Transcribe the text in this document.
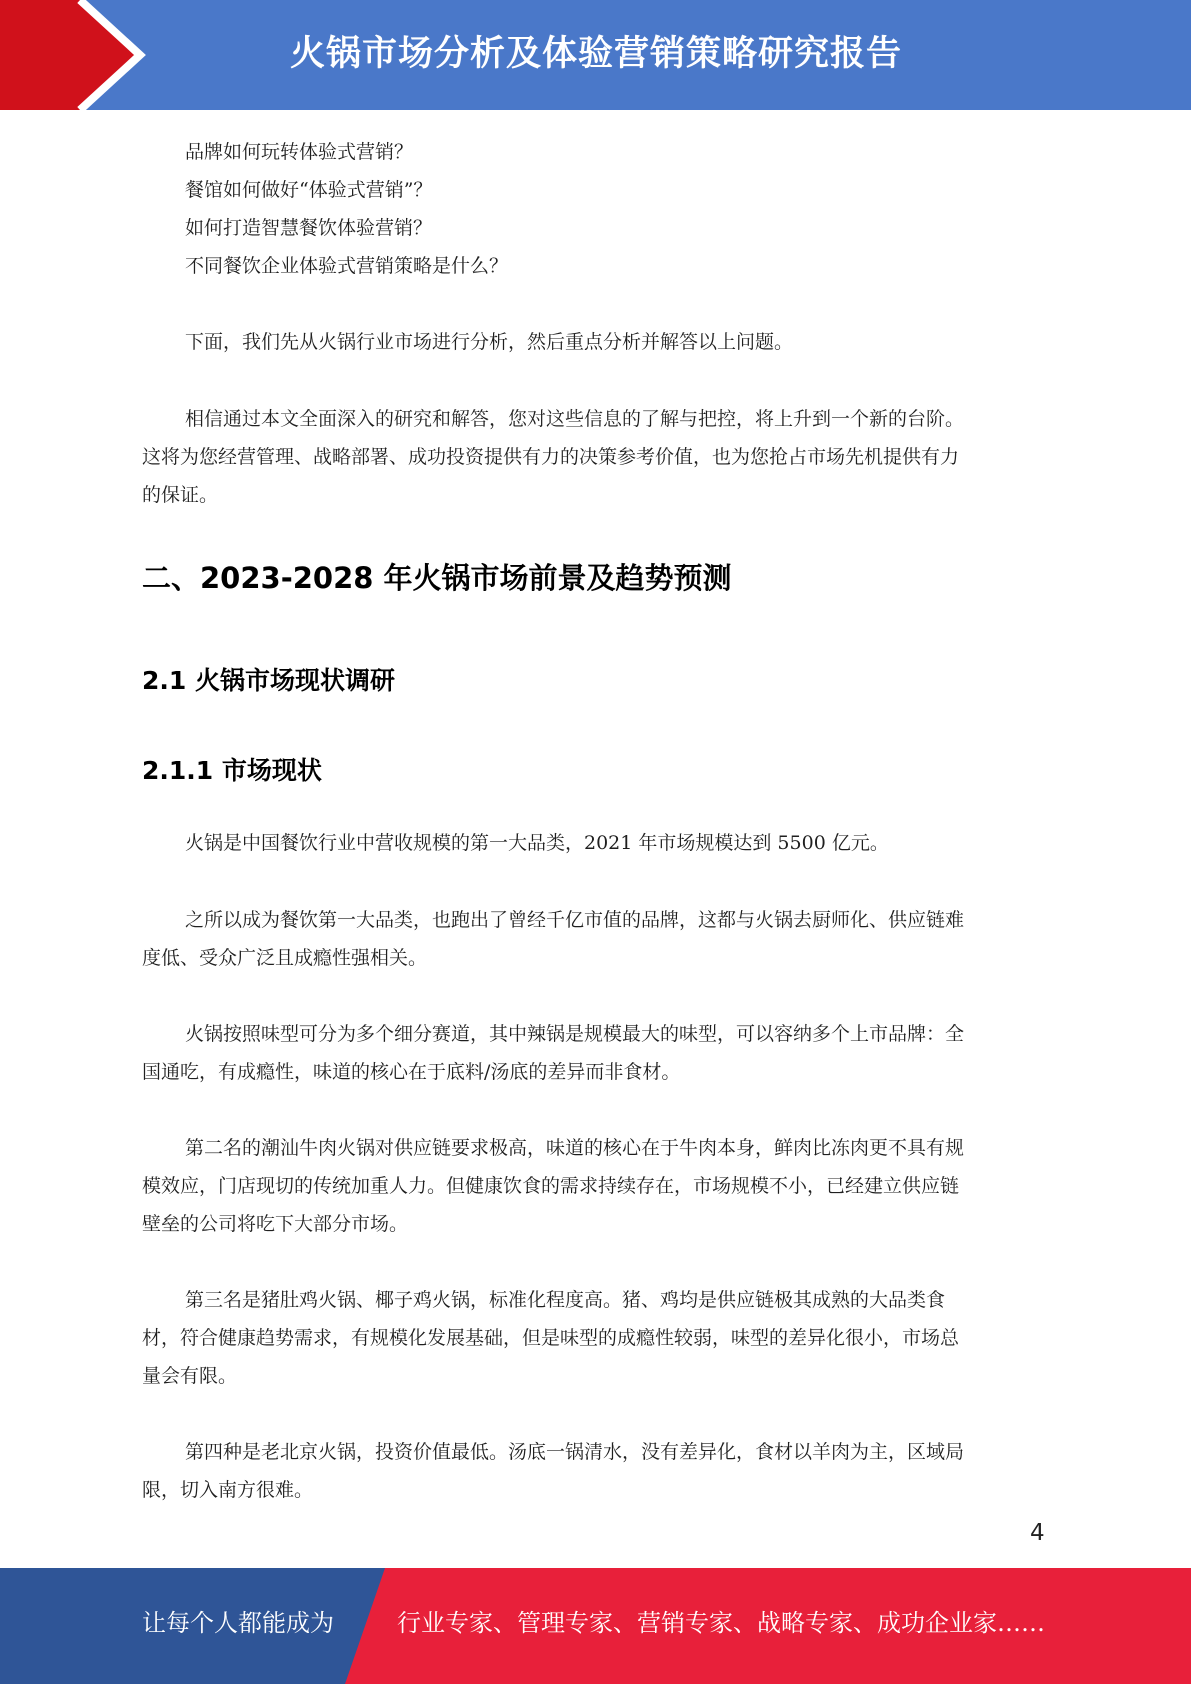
火锅市场分析及体验营销策略研究报告
品牌如何玩转体验式营销？
餐馆如何做好“体验式营销”？
如何打造智慧餐饮体验营销？
不同餐饮企业体验式营销策略是什么？
下面，我们先从火锅行业市场进行分析，然后重点分析并解答以上问题。
相信通过本文全面深入的研究和解答，您对这些信息的了解与把控，将上升到一个新的台阶。
这将为您经营管理、战略部署、成功投资提供有力的决策参考价值，也为您抢占市场先机提供有力
的保证。
二、2023-2028 年火锅市场前景及趋势预测
2.1 火锅市场现状调研
2.1.1 市场现状
火锅是中国餐饮行业中营收规模的第一大品类，2021 年市场规模达到 5500 亿元。
之所以成为餐饮第一大品类，也跑出了曾经千亿市值的品牌，这都与火锅去厨师化、供应链难
度低、受众广泛且成瘾性强相关。
火锅按照味型可分为多个细分赛道，其中辣锅是规模最大的味型，可以容纳多个上市品牌：全
国通吃，有成瘾性，味道的核心在于底料/汤底的差异而非食材。
第二名的潮汕牛肉火锅对供应链要求极高，味道的核心在于牛肉本身，鲜肉比冻肉更不具有规
模效应，门店现切的传统加重人力。但健康饮食的需求持续存在，市场规模不小，已经建立供应链
壁垒的公司将吃下大部分市场。
第三名是猪肚鸡火锅、椰子鸡火锅，标准化程度高。猪、鸡均是供应链极其成熟的大品类食
材，符合健康趋势需求，有规模化发展基础，但是味型的成瘾性较弱，味型的差异化很小，市场总
量会有限。
第四种是老北京火锅，投资价值最低。汤底一锅清水，没有差异化，食材以羊肉为主，区域局
限，切入南方很难。
4
让每个人都能成为	行业专家、管理专家、营销专家、战略专家、成功企业家……
